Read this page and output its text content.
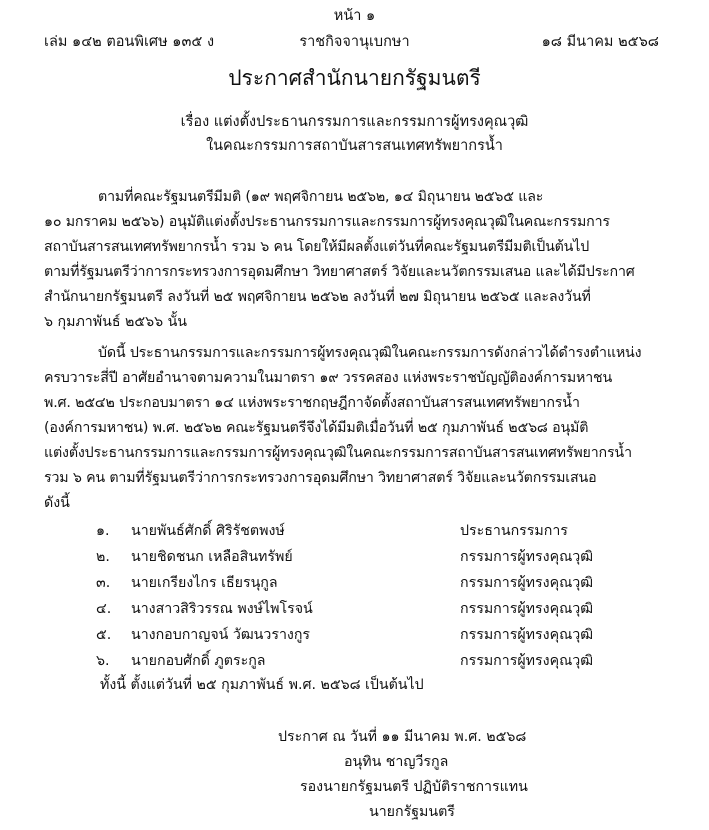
หน้า ๑
เล่ม ๑๔๒ ตอนพิเศษ ๑๓๕ ง	ราชกิจจานุเบกษา	๑๘ มีนาคม ๒๕๖๘
ประกาศสำนักนายกรัฐมนตรี
เรื่อง แต่งตั้งประธานกรรมการและกรรมการผู้ทรงคุณวุฒิ
ในคณะกรรมการสถาบันสารสนเทศทรัพยากรน้ำ
ตามที่คณะรัฐมนตรีมีมติ (๑๙ พฤศจิกายน ๒๕๖๒, ๑๔ มิถุนายน ๒๕๖๕ และ
๑๐ มกราคม ๒๕๖๖) อนุมัติแต่งตั้งประธานกรรมการและกรรมการผู้ทรงคุณวุฒิในคณะกรรมการ
สถาบันสารสนเทศทรัพยากรน้ำ รวม ๖ คน โดยให้มีผลตั้งแต่วันที่คณะรัฐมนตรีมีมติเป็นต้นไป
ตามที่รัฐมนตรีว่าการกระทรวงการอุดมศึกษา วิทยาศาสตร์ วิจัยและนวัตกรรมเสนอ และได้มีประกาศ
สำนักนายกรัฐมนตรี ลงวันที่ ๒๕ พฤศจิกายน ๒๕๖๒ ลงวันที่ ๒๗ มิถุนายน ๒๕๖๕ และลงวันที่
๖ กุมภาพันธ์ ๒๕๖๖ นั้น
บัดนี้ ประธานกรรมการและกรรมการผู้ทรงคุณวุฒิในคณะกรรมการดังกล่าวได้ดำรงตำแหน่ง
ครบวาระสี่ปี อาศัยอำนาจตามความในมาตรา ๑๙ วรรคสอง แห่งพระราชบัญญัติองค์การมหาชน
พ.ศ. ๒๕๔๒ ประกอบมาตรา ๑๔ แห่งพระราชกฤษฎีกาจัดตั้งสถาบันสารสนเทศทรัพยากรน้ำ
(องค์การมหาชน) พ.ศ. ๒๕๖๒ คณะรัฐมนตรีจึงได้มีมติเมื่อวันที่ ๒๕ กุมภาพันธ์ ๒๕๖๘ อนุมัติ
แต่งตั้งประธานกรรมการและกรรมการผู้ทรงคุณวุฒิในคณะกรรมการสถาบันสารสนเทศทรัพยากรน้ำ
รวม ๖ คน ตามที่รัฐมนตรีว่าการกระทรวงการอุดมศึกษา วิทยาศาสตร์ วิจัยและนวัตกรรมเสนอ
ดังนี้
๑.	นายพันธ์ศักดิ์ ศิริรัชตพงษ์	ประธานกรรมการ
๒.	นายชิดชนก เหลือสินทรัพย์	กรรมการผู้ทรงคุณวุฒิ
๓.	นายเกรียงไกร เธียรนุกูล	กรรมการผู้ทรงคุณวุฒิ
๔.	นางสาวสิริวรรณ พงษ์ไพโรจน์	กรรมการผู้ทรงคุณวุฒิ
๕.	นางกอบกาญจน์ วัฒนวรางกูร	กรรมการผู้ทรงคุณวุฒิ
๖.	นายกอบศักดิ์ ภูตระกูล	กรรมการผู้ทรงคุณวุฒิ
ทั้งนี้ ตั้งแต่วันที่ ๒๕ กุมภาพันธ์ พ.ศ. ๒๕๖๘ เป็นต้นไป
ประกาศ ณ วันที่ ๑๑ มีนาคม พ.ศ. ๒๕๖๘
อนุทิน ชาญวีรกูล
รองนายกรัฐมนตรี ปฏิบัติราชการแทน
นายกรัฐมนตรี
